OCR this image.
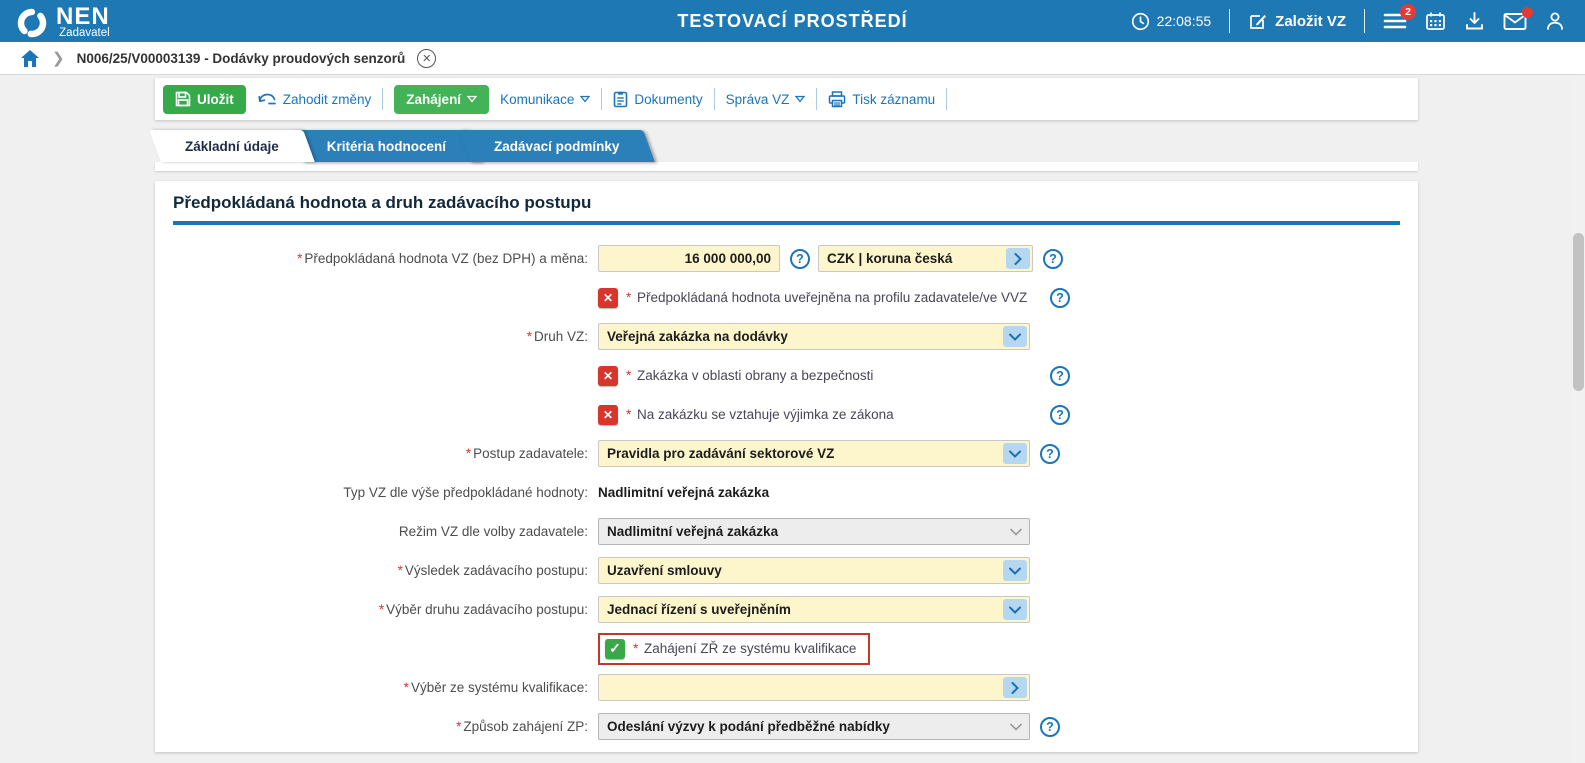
NEN
Zadavatel
TESTOVACÍ PROSTŘEDÍ	22:08:55	Založit VZ
2
❯ N006/25/V00003139 - Dodávky proudových senzorů	✕
Uložit	Zahodit změny	Zahájení	Komunikace	Dokumenty Správa VZ	Tisk záznamu
Základní údaje	Kritéria hodnocení	Zadávací podmínky
Předpokládaná hodnota a druh zadávacího postupu
* Předpokládaná hodnota VZ (bez DPH) a měna:	16 000 000,00 ?	CZK | koruna česká
?
✕
* Předpokládaná hodnota uveřejněna na profilu zadavatele/ve VVZ
?
* Druh VZ:	Veřejná zakázka na dodávky
✕
* Zakázka v oblasti obrany a bezpečnosti
?
✕
* Na zakázku se vztahuje výjimka ze zákona
?
* Postup zadavatele:	Pravidla pro zadávání sektorové VZ
?
Typ VZ dle výše předpokládané hodnoty: Nadlimitní veřejná zakázka
Režim VZ dle volby zadavatele:	Nadlimitní veřejná zakázka
* Výsledek zadávacího postupu:	Uzavření smlouvy
* Výběr druhu zadávacího postupu:	Jednací řízení s uveřejněním
✓
* Zahájení ZŘ ze systému kvalifikace
* Výběr ze systému kvalifikace:
* Způsob zahájení ZP:	Odeslání výzvy k podání předběžné nabídky
?
